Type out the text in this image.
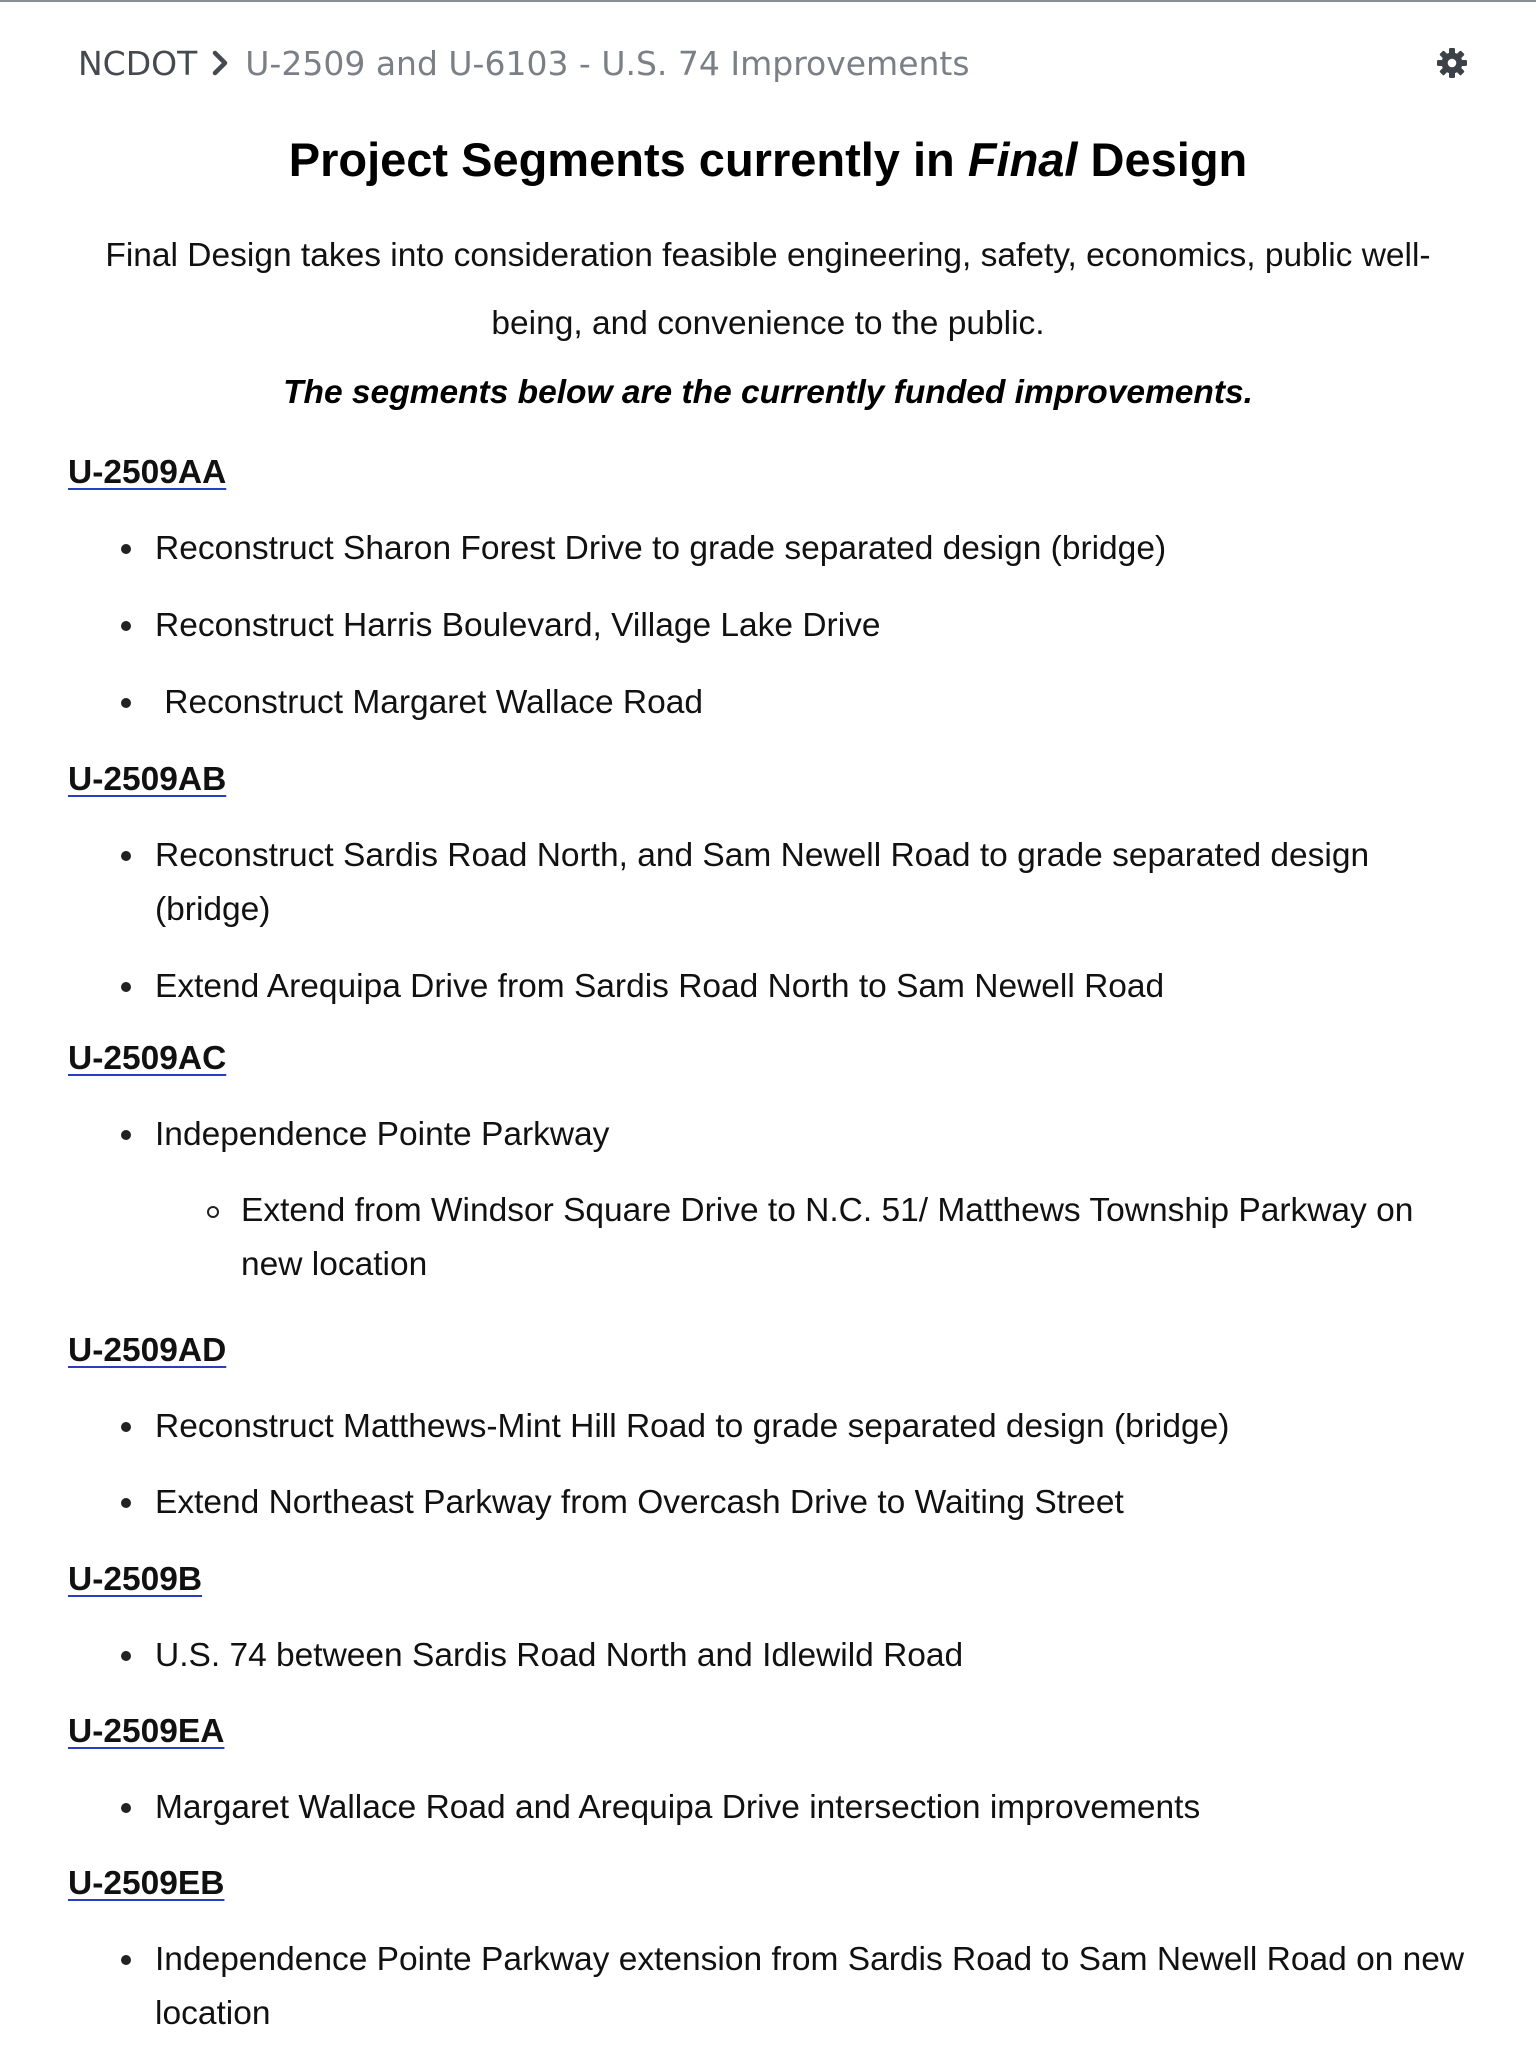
NCDOT U-2509 and U-6103 - U.S. 74 Improvements
Project Segments currently in Final Design
Final Design takes into consideration feasible engineering, safety, economics, public well-being, and convenience to the public.
The segments below are the currently funded improvements.
U-2509AA
Reconstruct Sharon Forest Drive to grade separated design (bridge)
Reconstruct Harris Boulevard, Village Lake Drive
Reconstruct Margaret Wallace Road
U-2509AB
Reconstruct Sardis Road North, and Sam Newell Road to grade separated design (bridge)
Extend Arequipa Drive from Sardis Road North to Sam Newell Road
U-2509AC
Independence Pointe Parkway
Extend from Windsor Square Drive to N.C. 51/ Matthews Township Parkway on new location
U-2509AD
Reconstruct Matthews-Mint Hill Road to grade separated design (bridge)
Extend Northeast Parkway from Overcash Drive to Waiting Street
U-2509B
U.S. 74 between Sardis Road North and Idlewild Road
U-2509EA
Margaret Wallace Road and Arequipa Drive intersection improvements
U-2509EB
Independence Pointe Parkway extension from Sardis Road to Sam Newell Road on new location
